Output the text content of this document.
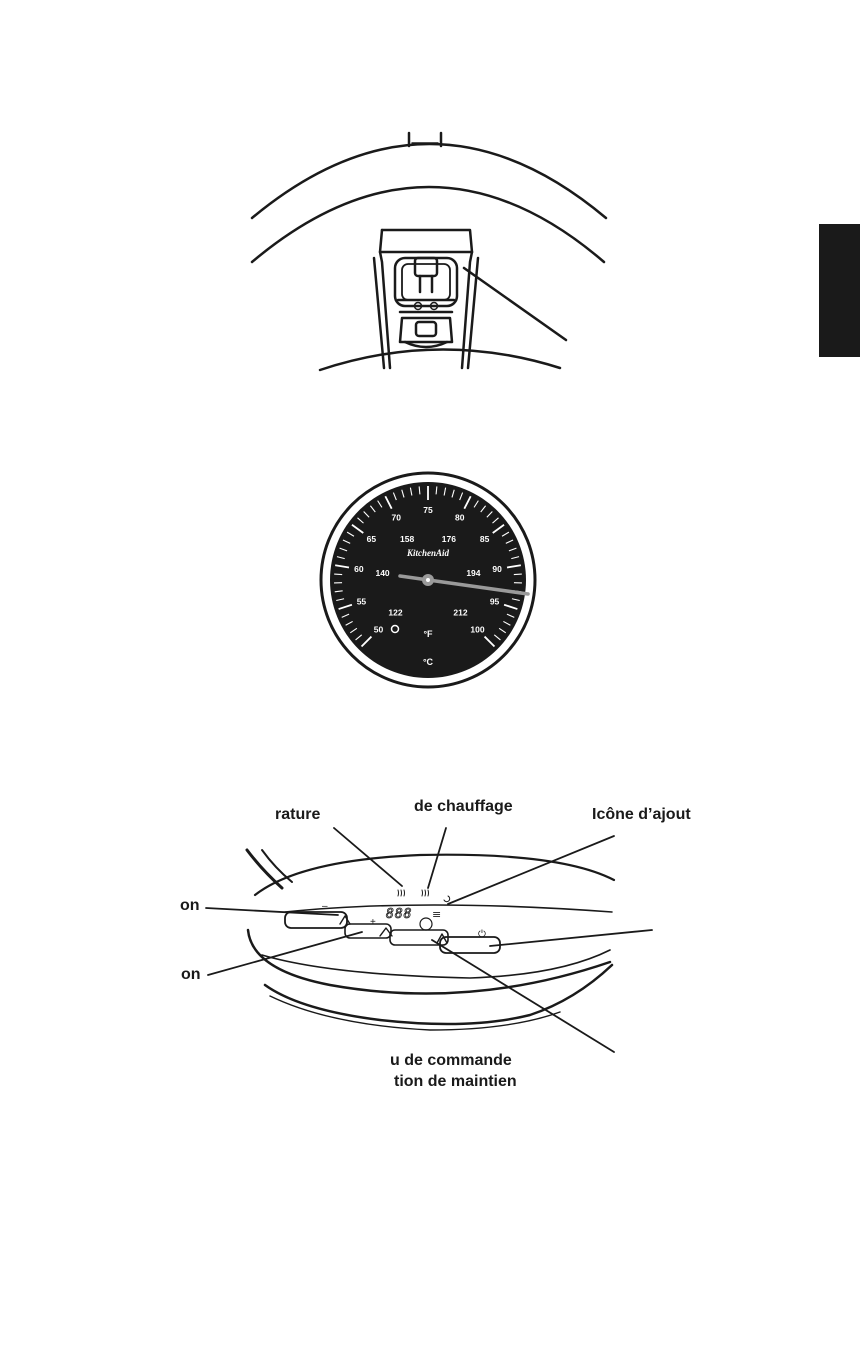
50
55
60
65
70
75
80
85
90
95
100
122
140
158	176
194
212
KitchenAid
°F
°C
888 ≡
–
+
⏻
rature	de chauffage	Icône d’ajout
on
on
u de commande
tion de maintien
